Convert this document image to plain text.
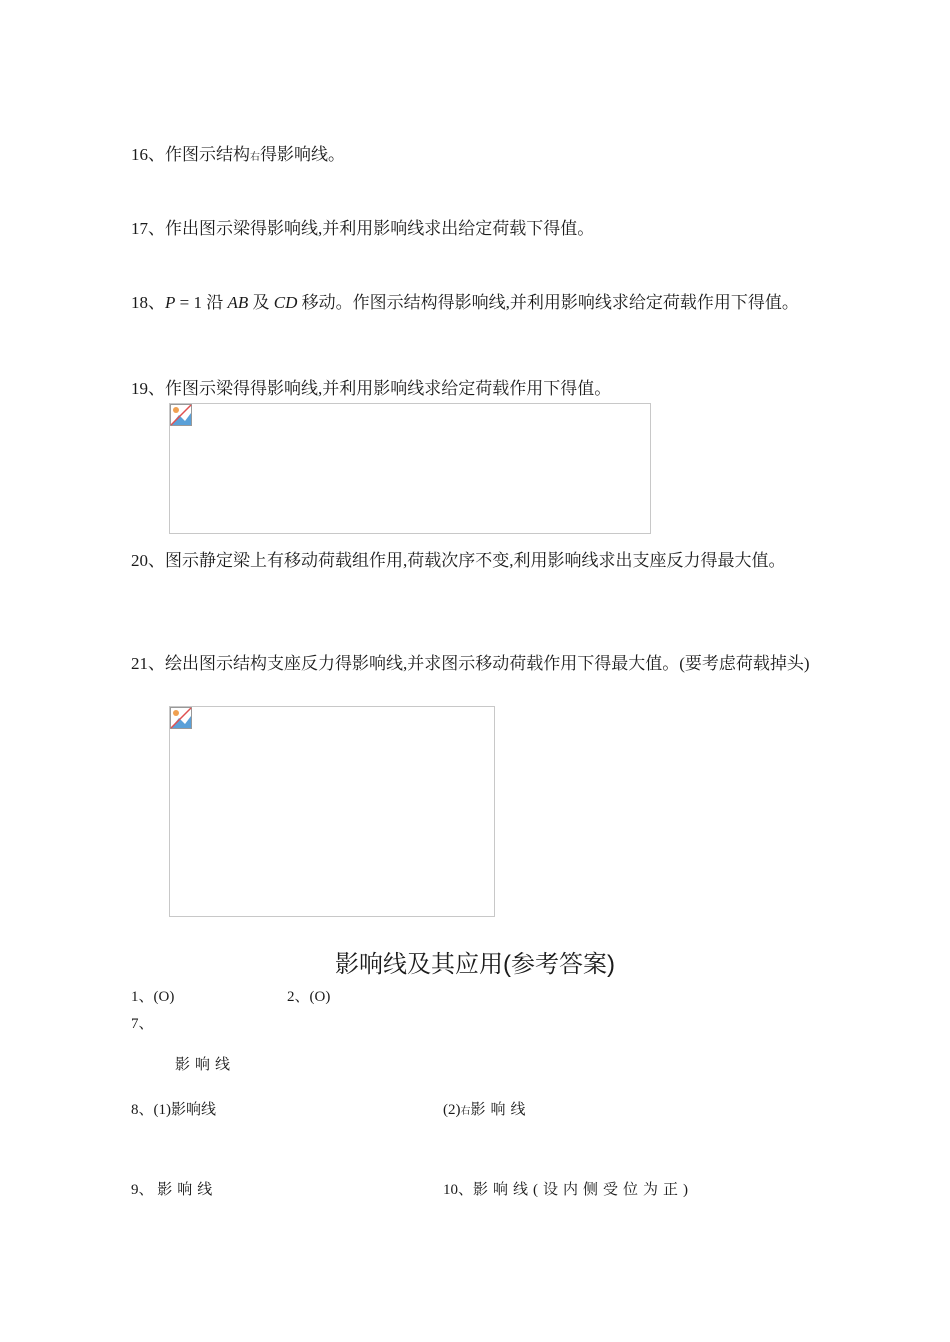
16、作图示结构右得影响线。
17、作出图示梁得影响线,并利用影响线求出给定荷载下得值。
18、P = 1 沿 AB 及 CD 移动。作图示结构得影响线,并利用影响线求给定荷载作用下得值。
19、作图示梁得得影响线,并利用影响线求给定荷载作用下得值。
20、图示静定梁上有移动荷载组作用,荷载次序不变,利用影响线求出支座反力得最大值。
21、绘出图示结构支座反力得影响线,并求图示移动荷载作用下得最大值。(要考虑荷载掉头)
影响线及其应用(参考答案)
1、(O)	2、(O)
7、
影响线
8、(1)影响线	(2)右影响线
9、 影响线	10、影响线(设内侧受位为正)
